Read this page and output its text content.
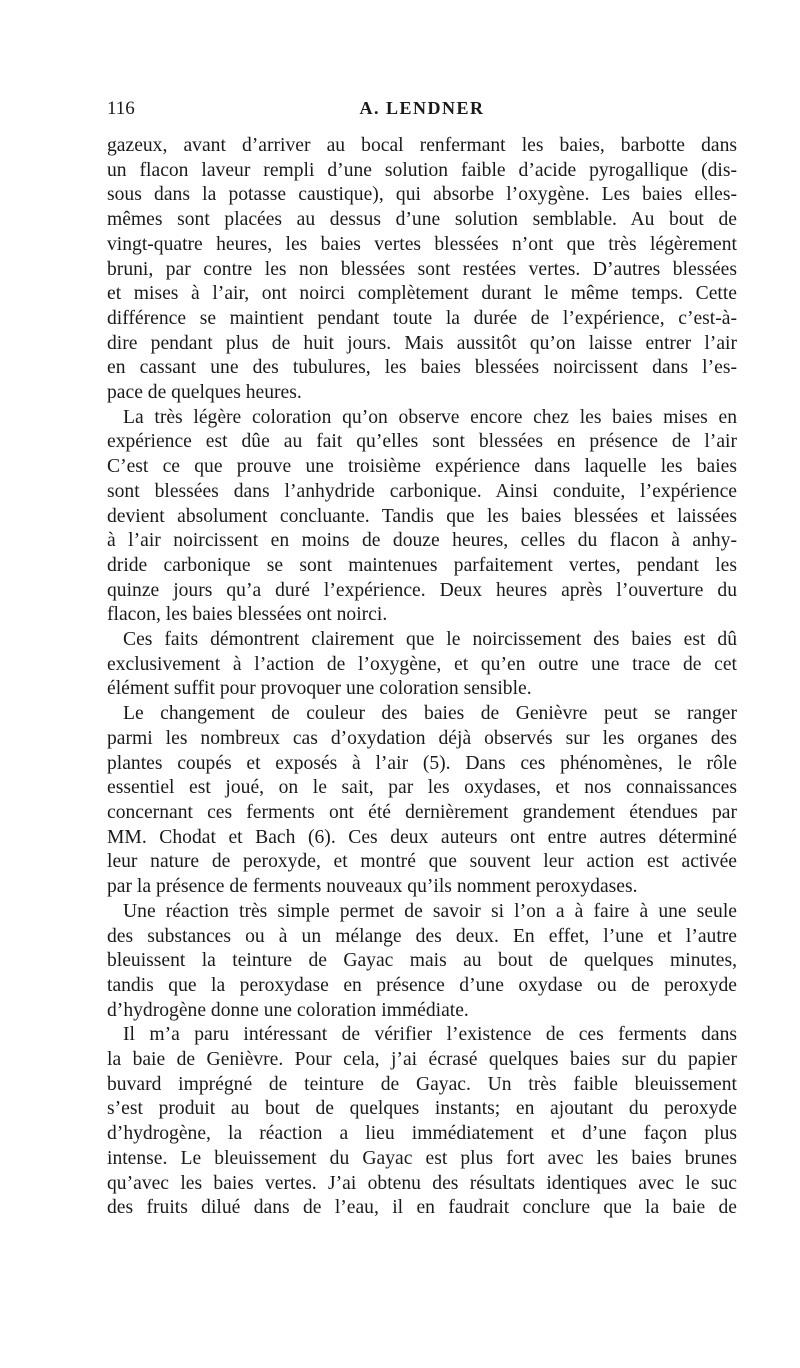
116	A. LENDNER

gazeux, avant d’arriver au bocal renfermant les baies, barbotte dans

un flacon laveur rempli d’une solution faible d’acide pyrogallique (dis-

sous dans la potasse caustique), qui absorbe l’oxygène. Les baies elles-

mêmes sont placées au dessus d’une solution semblable. Au bout de

vingt-quatre heures, les baies vertes blessées n’ont que très légèrement

bruni, par contre les non blessées sont restées vertes. D’autres blessées

et mises à l’air, ont noirci complètement durant le même temps. Cette

différence se maintient pendant toute la durée de l’expérience, c’est-à-

dire pendant plus de huit jours. Mais aussitôt qu’on laisse entrer l’air

en cassant une des tubulures, les baies blessées noircissent dans l’es-

pace de quelques heures.

La très légère coloration qu’on observe encore chez les baies mises en

expérience est dûe au fait qu’elles sont blessées en présence de l’air

C’est ce que prouve une troisième expérience dans laquelle les baies

sont blessées dans l’anhydride carbonique. Ainsi conduite, l’expérience

devient absolument concluante. Tandis que les baies blessées et laissées

à l’air noircissent en moins de douze heures, celles du flacon à anhy-

dride carbonique se sont maintenues parfaitement vertes, pendant les

quinze jours qu’a duré l’expérience. Deux heures après l’ouverture du

flacon, les baies blessées ont noirci.

Ces faits démontrent clairement que le noircissement des baies est dû

exclusivement à l’action de l’oxygène, et qu’en outre une trace de cet

élément suffit pour provoquer une coloration sensible.

Le changement de couleur des baies de Genièvre peut se ranger

parmi les nombreux cas d’oxydation déjà observés sur les organes des

plantes coupés et exposés à l’air (5). Dans ces phénomènes, le rôle

essentiel est joué, on le sait, par les oxydases, et nos connaissances

concernant ces ferments ont été dernièrement grandement étendues par

MM. Chodat et Bach (6). Ces deux auteurs ont entre autres déterminé

leur nature de peroxyde, et montré que souvent leur action est activée

par la présence de ferments nouveaux qu’ils nomment peroxydases.

Une réaction très simple permet de savoir si l’on a à faire à une seule

des substances ou à un mélange des deux. En effet, l’une et l’autre

bleuissent la teinture de Gayac mais au bout de quelques minutes,

tandis que la peroxydase en présence d’une oxydase ou de peroxyde

d’hydrogène donne une coloration immédiate.

Il m’a paru intéressant de vérifier l’existence de ces ferments dans

la baie de Genièvre. Pour cela, j’ai écrasé quelques baies sur du papier

buvard imprégné de teinture de Gayac. Un très faible bleuissement

s’est produit au bout de quelques instants; en ajoutant du peroxyde

d’hydrogène, la réaction a lieu immédiatement et d’une façon plus

intense. Le bleuissement du Gayac est plus fort avec les baies brunes

qu’avec les baies vertes. J’ai obtenu des résultats identiques avec le suc

des fruits dilué dans de l’eau, il en faudrait conclure que la baie de
